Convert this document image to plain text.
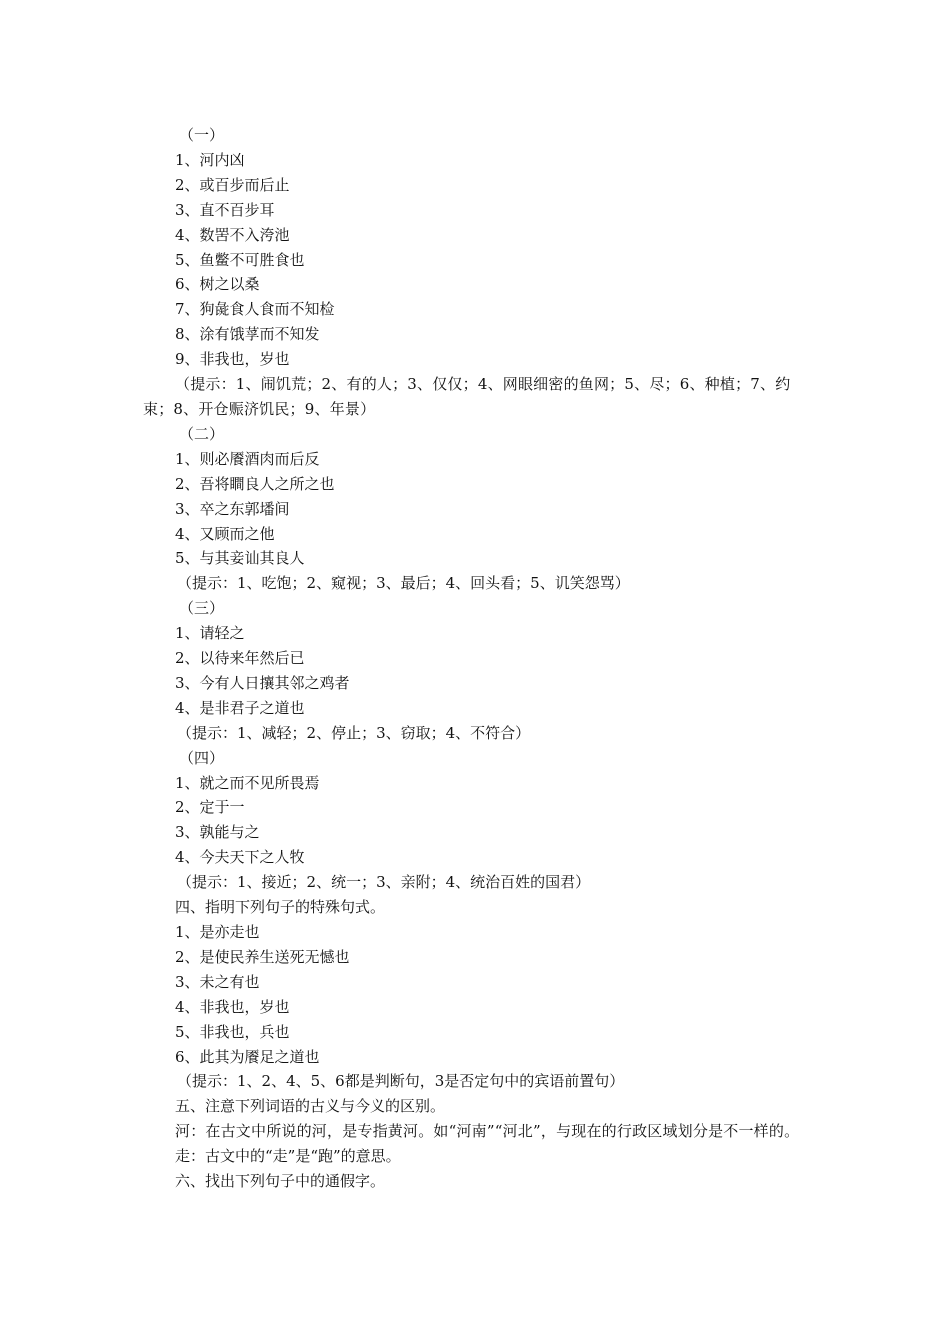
（一）
1、河内凶
2、或百步而后止
3、直不百步耳
4、数罟不入洿池
5、鱼鳖不可胜食也
6、树之以桑
7、狗彘食人食而不知检
8、涂有饿莩而不知发
9、非我也，岁也
（提示：1、闹饥荒；2、有的人；3、仅仅；4、网眼细密的鱼网；5、尽；6、种植；7、约束；8、开仓赈济饥民；9、年景）
（二）
1、则必餍酒肉而后反
2、吾将瞷良人之所之也
3、卒之东郭墦间
4、又顾而之他
5、与其妾讪其良人
（提示：1、吃饱；2、窥视；3、最后；4、回头看；5、讥笑怨骂）
（三）
1、请轻之
2、以待来年然后已
3、今有人日攘其邻之鸡者
4、是非君子之道也
（提示：1、减轻；2、停止；3、窃取；4、不符合）
（四）
1、就之而不见所畏焉
2、定于一
3、孰能与之
4、今夫天下之人牧
（提示：1、接近；2、统一；3、亲附；4、统治百姓的国君）
四、指明下列句子的特殊句式。
1、是亦走也
2、是使民养生送死无憾也
3、未之有也
4、非我也，岁也
5、非我也，兵也
6、此其为餍足之道也
（提示：1、2、4、5、6都是判断句，3是否定句中的宾语前置句）
五、注意下列词语的古义与今义的区别。
河：在古文中所说的河，是专指黄河。如“河南”“河北”，与现在的行政区域划分是不一样的。
走：古文中的“走”是“跑”的意思。
六、找出下列句子中的通假字。
